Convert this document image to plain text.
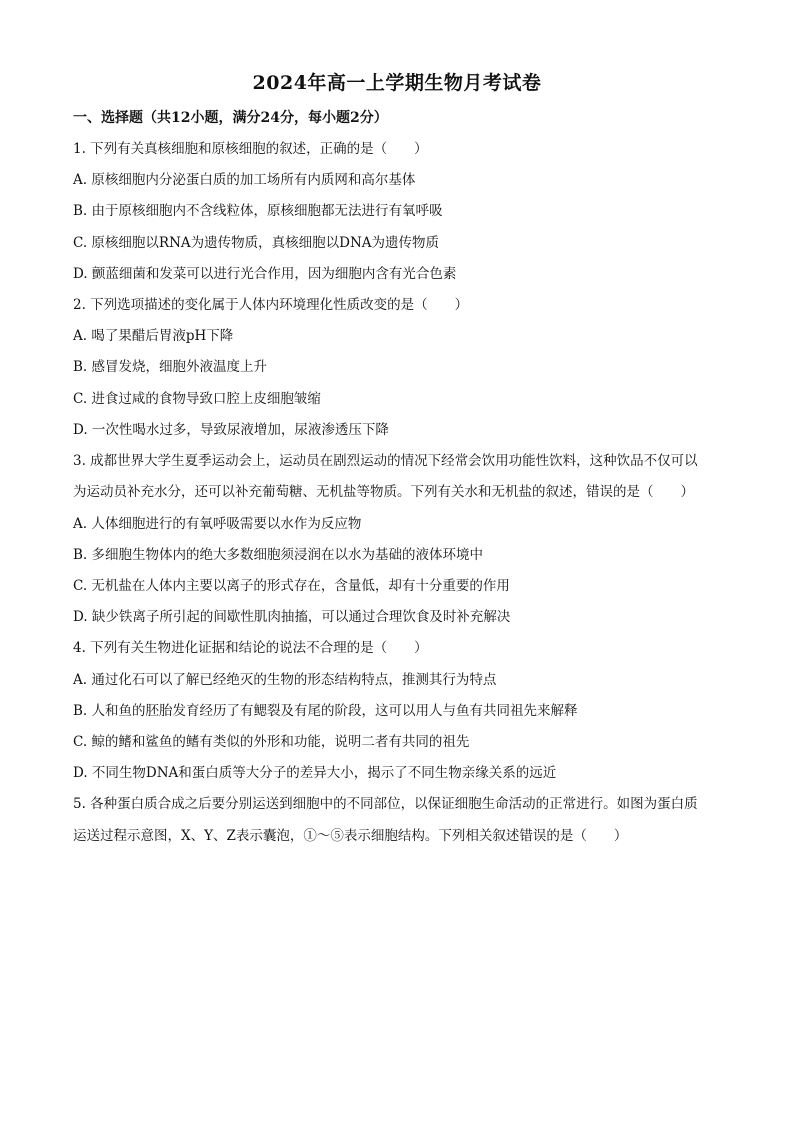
2024年高一上学期生物月考试卷
一、选择题（共12小题，满分24分，每小题2分）
1. 下列有关真核细胞和原核细胞的叙述，正确的是（　　）
A. 原核细胞内分泌蛋白质的加工场所有内质网和高尔基体
B. 由于原核细胞内不含线粒体，原核细胞都无法进行有氧呼吸
C. 原核细胞以RNA为遗传物质，真核细胞以DNA为遗传物质
D. 颤蓝细菌和发菜可以进行光合作用，因为细胞内含有光合色素
2. 下列选项描述的变化属于人体内环境理化性质改变的是（　　）
A. 喝了果醋后胃液pH下降
B. 感冒发烧，细胞外液温度上升
C. 进食过咸的食物导致口腔上皮细胞皱缩
D. 一次性喝水过多，导致尿液增加，尿液渗透压下降
3. 成都世界大学生夏季运动会上，运动员在剧烈运动的情况下经常会饮用功能性饮料，这种饮品不仅可以
为运动员补充水分，还可以补充葡萄糖、无机盐等物质。下列有关水和无机盐的叙述，错误的是（　　）
A. 人体细胞进行的有氧呼吸需要以水作为反应物
B. 多细胞生物体内的绝大多数细胞须浸润在以水为基础的液体环境中
C. 无机盐在人体内主要以离子的形式存在，含量低，却有十分重要的作用
D. 缺少铁离子所引起的间歇性肌肉抽搐，可以通过合理饮食及时补充解决
4. 下列有关生物进化证据和结论的说法不合理的是（　　）
A. 通过化石可以了解已经绝灭的生物的形态结构特点，推测其行为特点
B. 人和鱼的胚胎发育经历了有鳃裂及有尾的阶段，这可以用人与鱼有共同祖先来解释
C. 鲸的鳍和鲨鱼的鳍有类似的外形和功能，说明二者有共同的祖先
D. 不同生物DNA和蛋白质等大分子的差异大小，揭示了不同生物亲缘关系的远近
5. 各种蛋白质合成之后要分别运送到细胞中的不同部位，以保证细胞生命活动的正常进行。如图为蛋白质
运送过程示意图，X、Y、Z表示囊泡，①～⑤表示细胞结构。下列相关叙述错误的是（　　）
